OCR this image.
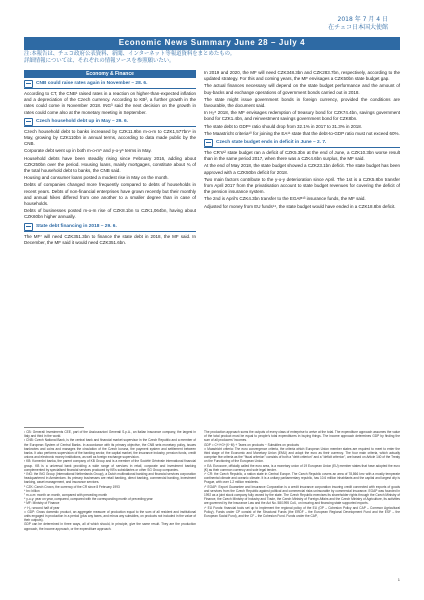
2018 年 7 月 4 日
在チェコ日本国大使館
Economic News Summary June 28 – July 4
注:本報告は、チェコ政府公表資料、新聞、インターネット等報道資料をまとめたもの。
詳細情報については、それぞれの情報ソースを参照願いたい。
Economy & Finance
CNB could raise rates again in November – 28. 6.

According to CT, the CNB¹ raised rates in a reaction on higher-than-expected inflation and a depreciation of the Czech currency. According to KB², a further growth in the rates could come in November 2018. ING³ said the next decision on the growth in rates could come also at the monetary meeting in September.

Czech household debt up in May – 29. 6.

Czech household debt to banks increased by CZK11.9bn m-o-m to CZK1,577bn⁴ in May, growing by CZK110bn in annual terms, according to data made public by the CNB.

Corporate debt went up in both m-o-m⁵ and y-o-y⁶ terms in May.

Household debts have been steadily rising since February 2016, adding about CZK250bn over the period. Housing loans, mainly mortgages, constitute about ¾ of the total household debt to banks, the CNB said.

Housing and consumer loans posted a modest rise in May on the month.

Debts of companies changed more frequently compared to debts of households in recent years. Debts of non-financial enterprises have grown recently but their monthly and annual hikes differed from one another to a smaller degree than in case of households.

Debts of businesses posted m-o-m rise of CZK8.1bn to CZK1,064bn, having about CZK60bn higher annually.

State debt financing in 2018 – 29. 6.

The MF⁷ will need CZK351.3bn to finance the state debt in 2018, the MF said. In December, the MF said it would need CZK351.6bn.

In 2019 and 2020, the MF will need CZK348.3bn and CZK283.7bn, respectively, according to the updated strategy. For this and coming years, the MF envisages a CZK50bn state budget gap.

The actual finances necessary will depend on the state budget performance and the amount of buy-backs and exchange operations of government bonds carried out in 2018.

The state might issue government bonds in foreign currency, provided the conditions are favourable, the document said.

In H₂⁸ 2018, the MF envisages redemption of treasury bond for CZK74.4bn, savings government bond for CZK1.4bn, and reinvestment savings government bond for CZK8bn.

The state debt to GDP⁹ ratio should drop from 32.1% in 2017 to 31.3% in 2018.

The Maastricht criteria¹⁰ for joining the EA¹¹ state that the debt-to-GDP ratio must not exceed 60%.

Czech state budget ends in deficit in June – 2. 7.

The CR's¹² state budget ran a deficit of CZK5.3bn at the end of June, a CZK10.3bn worse result than in the same period 2017, when there was a CZK4.6bn surplus, the MF said.

At the end of May 2018, the state budget showed a CZK23.1bn deficit. The state budget has been approved with a CZK50bn deficit for 2018.

Two main factors contribute to the y-o-y deterioration since April. The 1st is a CZK5.8bn transfer from April 2017 from the privatisation account to state budget revenues for covering the deficit of the pension insurance system.

The 2nd is April's CZK4.3bn transfer to the EGAP¹³ insurance funds, the MF said.

Adjusted for money from EU funds¹⁴, the state budget would have ended in a CZK18.8bn deficit.

¹ CB: Generali Investments CEE, part of the Assicurazioni Generali S.p.A., an Italian insurance company, the largest in Italy and third in the world.

² CNB: Czech National Bank, is the central bank and financial market supervisor in the Czech Republic and a member of the European System of Central Banks. In accordance with its primary objective, the CNB sets monetary policy, issues banknotes and coins and manages the circulation of the Czech koruna, the payment system and settlement between banks. It also performs supervision of the banking sector, the capital market, the insurance industry, pension funds, credit unions and electronic money institutions, as well as foreign exchange supervision.

³ KB: Komerční banka, the parent company of KB Group and is a member of the Société Générale international financial group. KB is a universal bank providing a wide range of services in retail, corporate and investment banking complemented by specialised financial services produced by KB's subsidiaries or other SG Group companies.

⁴ ING: the ING Group (International Netherlands Group), a Dutch multinational banking and financial services corporation headquartered in Amsterdam. Its primary businesses are retail banking, direct banking, commercial banking, investment banking, asset management, and insurance services.

⁵ CZK: Czech Crown, the currency of the CR since 8 February 1993

⁶ bn: billion

⁷ m-o-m: month on month, compared with preceding month

⁸ y-o-y: year on year, compared, compared with the corresponding month of preceding year

⁹ MF: Ministry of Finance

¹⁰ H₂: second half of year

¹¹ GDP: Gross domestic product, an aggregate measure of production equal to the sum of all resident and institutional units engaged in production in a period (plus any taxes, and minus any subsidies, on products not included in the value of their outputs).

GDP can be determined in three ways, all of which should, in principle, give the same result. They are the production approach, the income approach, or the expenditure approach.

The production approach sums the outputs of every class of enterprise to arrive at the total. The expenditure approach assumes the value of the total product must be equal to people's total expenditures in buying things. The income approach determines GDP by finding the sum of all producers' incomes.

GDP = C+I+G+(X−M) + Taxes on products − Subsidies on products

¹² Maastricht criteria: The euro convergence criteria, the criteria which European Union member states are required to meet to enter the third stage of the Economic and Monetary Union (EMU) and adopt the euro as their currency. The four main criteria, which actually comprise five criteria as the "fiscal criterion" consists of both a "debt criterion" and a "deficit criterion", are based on Article 140 of the Treaty on the Functioning of the European Union.

¹³ EA: Eurozone, officially called the euro area, is a monetary union of 19 European Union (EU) member states that have adopted the euro (€) as their common currency and sole legal tender.

¹⁴ CR: the Czech Republic, a nation state in Central Europe. The Czech Republic covers an area of 78,866 km² with a mostly temperate continental climate and oceanic climate. It is a unitary parliamentary republic, has 10.6 million inhabitants and the capital and largest city is Prague, with over 1.2 million residents.

¹⁵ EGAP: Export Guarantee and Insurance Corporation is a credit insurance corporation insuring credit connected with exports of goods and services from the Czech Republic against political and commercial risks uninsurable by commercial insurance. EGAP was founded in 1992 as a joint stock company fully owned by the state. The Czech Republic exercises its shareholder rights through the Czech Ministry of Finance, the Czech Ministry of Industry and Trade, the Czech Ministry of Foreign Affairs and the Czech Ministry of Agriculture, its activities are governed by the Insurance Law and the Act No. 58/1995 Coll., on insuring and financing state supported exports.

¹⁶ EU Funds: financial tools set up to implement the regional policy of the EU (OP – Cohesion Policy and CAP – Common Agricultural Policy). Funds under CP consist of the Structural Funds (the ERDF – the European Regional Development Fund and the ESF – the European Social Fund), and the CF – the Cohesion Fund. Funds under the CAP,

1
